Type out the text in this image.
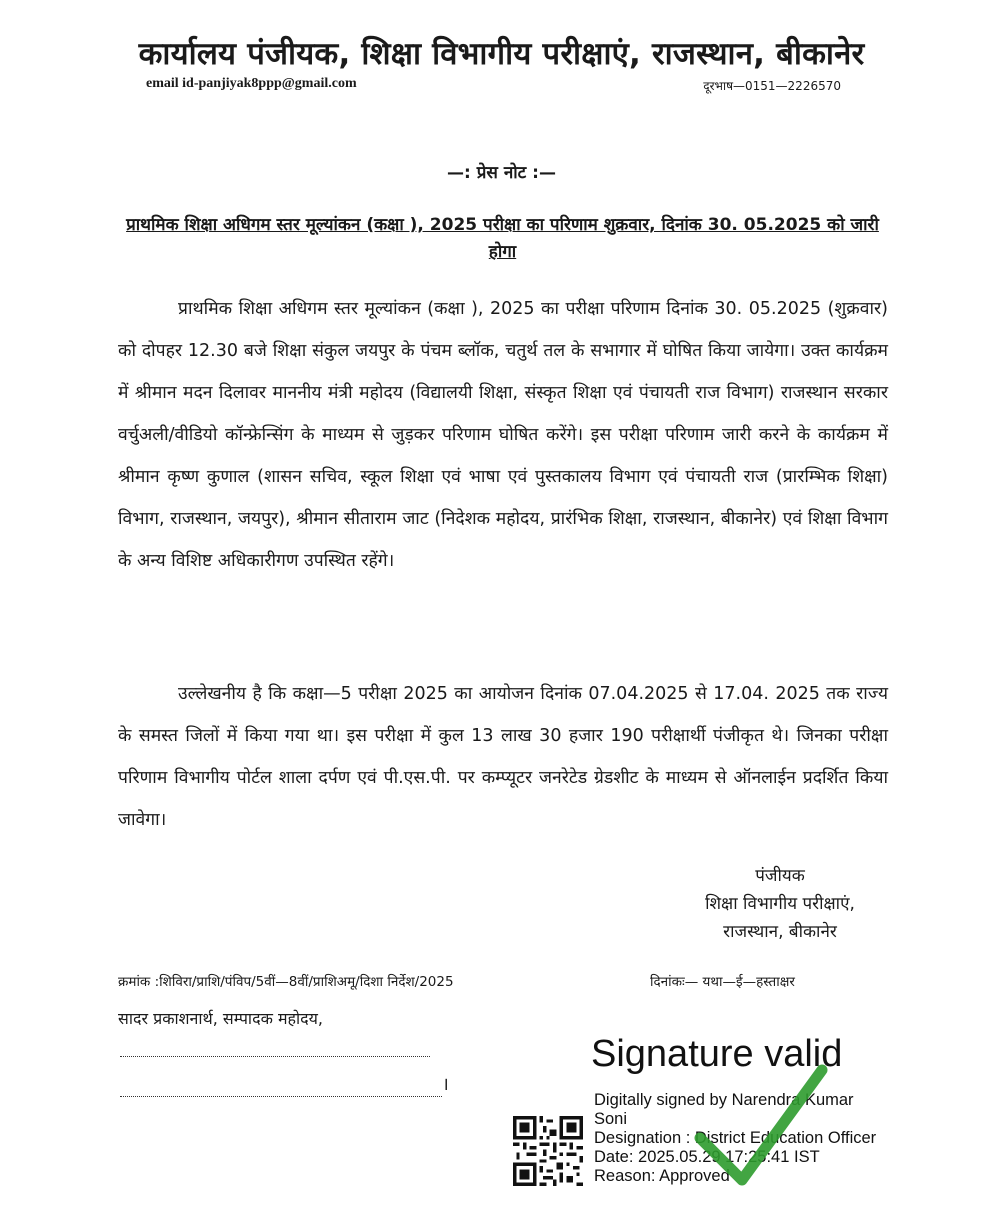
कार्यालय पंजीयक, शिक्षा विभागीय परीक्षाएं, राजस्थान, बीकानेर
email id-panjiyak8ppp@gmail.com	दूरभाष—0151—2226570
—: प्रेस नोट :—
प्राथमिक शिक्षा अधिगम स्तर मूल्यांकन (कक्षा ), 2025 परीक्षा का परिणाम शुक्रवार, दिनांक 30. 05.2025 को जारी होगा
प्राथमिक शिक्षा अधिगम स्तर मूल्यांकन (कक्षा ), 2025 का परीक्षा परिणाम दिनांक 30. 05.2025 (शुक्रवार) को दोपहर 12.30 बजे शिक्षा संकुल जयपुर के पंचम ब्लॉक, चतुर्थ तल के सभागार में घोषित किया जायेगा। उक्त कार्यक्रम में श्रीमान मदन दिलावर माननीय मंत्री महोदय (विद्यालयी शिक्षा, संस्कृत शिक्षा एवं पंचायती राज विभाग) राजस्थान सरकार वर्चुअली/वीडियो कॉन्फ्रेन्सिंग के माध्यम से जुड़कर परिणाम घोषित करेंगे। इस परीक्षा परिणाम जारी करने के कार्यक्रम में श्रीमान कृष्ण कुणाल (शासन सचिव, स्कूल शिक्षा एवं भाषा एवं पुस्तकालय विभाग एवं पंचायती राज (प्रारम्भिक शिक्षा) विभाग, राजस्थान, जयपुर), श्रीमान सीताराम जाट (निदेशक महोदय, प्रारंभिक शिक्षा, राजस्थान, बीकानेर) एवं शिक्षा विभाग के अन्य विशिष्ट अधिकारीगण उपस्थित रहेंगे।
उल्लेखनीय है कि कक्षा—5 परीक्षा 2025 का आयोजन दिनांक 07.04.2025 से 17.04. 2025 तक राज्य के समस्त जिलों में किया गया था। इस परीक्षा में कुल 13 लाख 30 हजार 190 परीक्षार्थी पंजीकृत थे। जिनका परीक्षा परिणाम विभागीय पोर्टल शाला दर्पण एवं पी.एस.पी. पर कम्प्यूटर जनरेटेड ग्रेडशीट के माध्यम से ऑनलाईन प्रदर्शित किया जावेगा।
पंजीयक
शिक्षा विभागीय परीक्षाएं,
राजस्थान, बीकानेर
क्रमांक :शिविरा/प्राशि/पंविप/5वीं—8वीं/प्राशिअमू/दिशा निर्देश/2025	दिनांकः— यथा—ई—हस्ताक्षर
सादर प्रकाशनार्थ, सम्पादक महोदय,
।
Signature valid
Digitally signed by Narendra Kumar
Soni
Designation : District Education Officer
Date: 2025.05.29 17:25:41 IST
Reason: Approved
